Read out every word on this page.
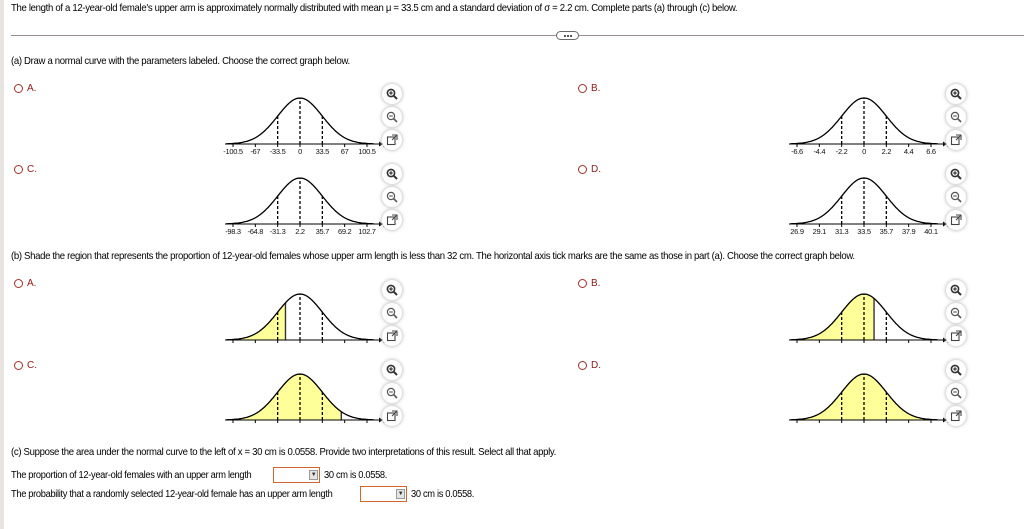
The length of a 12-year-old female's upper arm is approximately normally distributed with mean μ = 33.5 cm and a standard deviation of σ = 2.2 cm. Complete parts (a) through (c) below.
(a) Draw a normal curve with the parameters labeled. Choose the correct graph below.
A.	B.
C.	D.
-100.5 -67 -33.5 0 33.5 67 100.5	-6.6 -4.4 -2.2 0 2.2 4.4 6.6
-98.3 -64.8 -31.3 2.2 35.7 69.2 102.7	26.9 29.1 31.3 33.5 35.7 37.9 40.1
(b) Shade the region that represents the proportion of 12-year-old females whose upper arm length is less than 32 cm. The horizontal axis tick marks are the same as those in part (a). Choose the correct graph below.
A.	B.
C.	D.
(c) Suppose the area under the normal curve to the left of x = 30 cm is 0.0558. Provide two interpretations of this result. Select all that apply.
The proportion of 12-year-old females with an upper arm length	▼ 30 cm is 0.0558.
The probability that a randomly selected 12-year-old female has an upper arm length	▼ 30 cm is 0.0558.
